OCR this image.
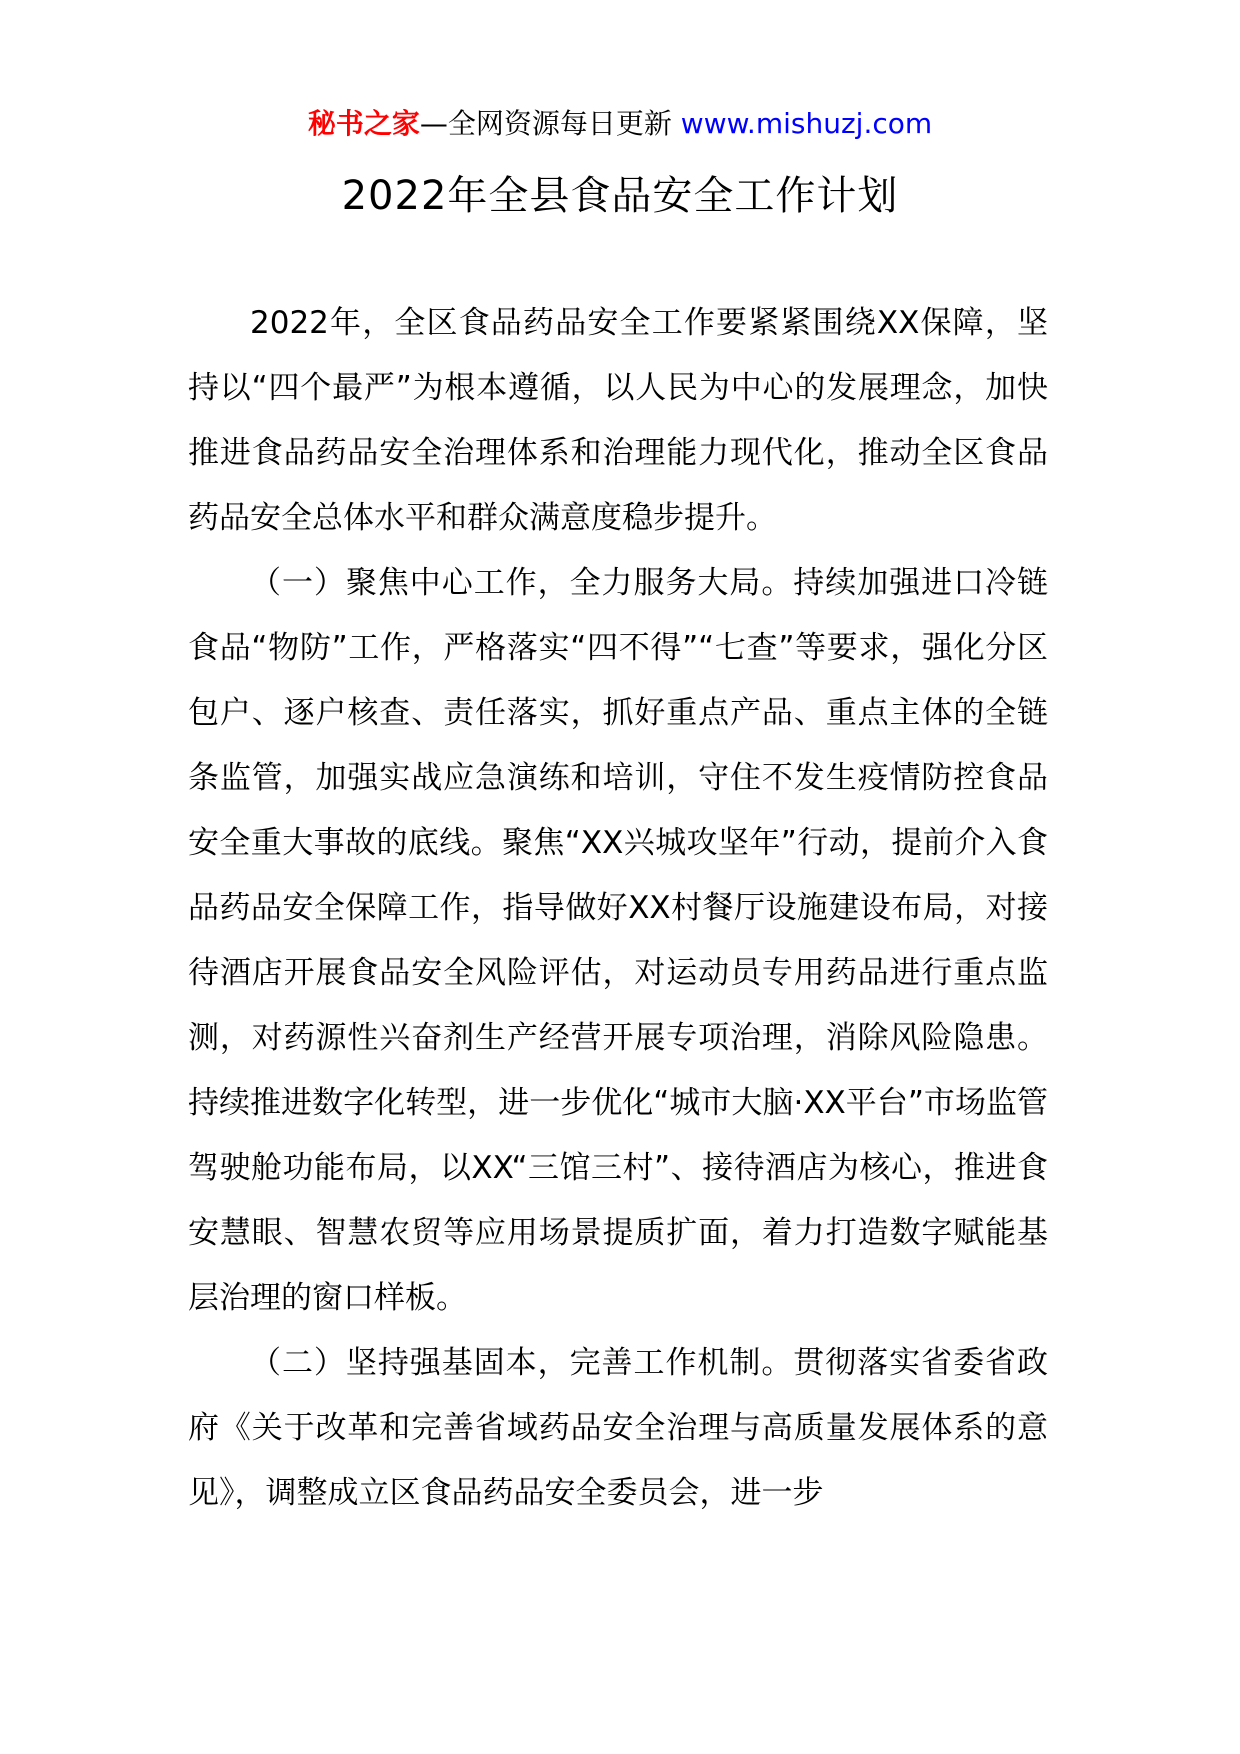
秘书之家—全网资源每日更新 www.mishuzj.com
2022年全县食品安全工作计划

2022年，全区食品药品安全工作要紧紧围绕XX保障，坚持以“四个最严”为根本遵循，以人民为中心的发展理念，加快推进食品药品安全治理体系和治理能力现代化，推动全区食品药品安全总体水平和群众满意度稳步提升。

（一）聚焦中心工作，全力服务大局。持续加强进口冷链食品“物防”工作，严格落实“四不得”“七查”等要求，强化分区包户、逐户核查、责任落实，抓好重点产品、重点主体的全链条监管，加强实战应急演练和培训，守住不发生疫情防控食品安全重大事故的底线。聚焦“XX兴城攻坚年”行动，提前介入食品药品安全保障工作，指导做好XX村餐厅设施建设布局，对接待酒店开展食品安全风险评估，对运动员专用药品进行重点监测，对药源性兴奋剂生产经营开展专项治理，消除风险隐患。持续推进数字化转型，进一步优化“城市大脑·XX平台”市场监管驾驶舱功能布局，以XX“三馆三村”、接待酒店为核心，推进食安慧眼、智慧农贸等应用场景提质扩面，着力打造数字赋能基层治理的窗口样板。

（二）坚持强基固本，完善工作机制。贯彻落实省委省政府《关于改革和完善省域药品安全治理与高质量发展体系的意见》，调整成立区食品药品安全委员会，进一步
